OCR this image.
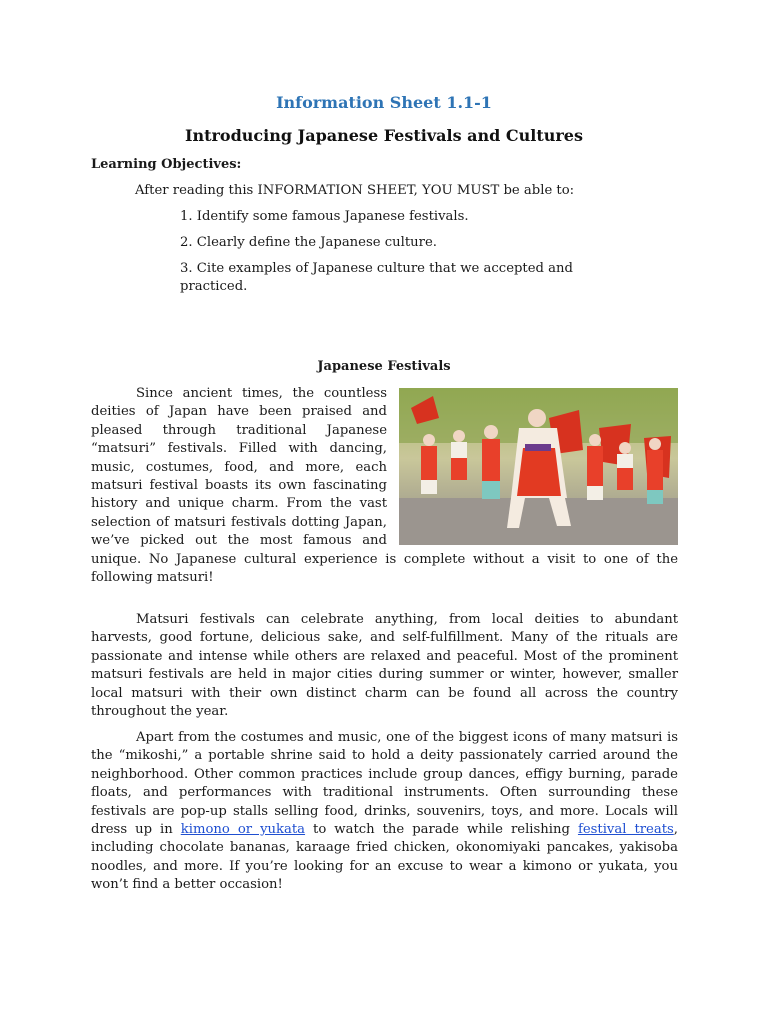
Information Sheet 1.1-1
Introducing Japanese Festivals and Cultures
Learning Objectives:
After reading this INFORMATION SHEET, YOU MUST be able to:
1. Identify some famous Japanese festivals.
2. Clearly define the Japanese culture.
3. Cite examples of Japanese culture that we accepted and practiced.
Japanese Festivals
Since ancient times, the countless deities of Japan have been praised and pleased through traditional Japanese “matsuri” festivals. Filled with dancing, music, costumes, food, and more, each matsuri festival boasts its own fascinating history and unique charm. From the vast selection of matsuri festivals dotting Japan, we’ve picked out the most famous and unique. No Japanese cultural experience is complete without a visit to one of the following matsuri!

Matsuri festivals can celebrate anything, from local deities to abundant harvests, good fortune, delicious sake, and self-fulfillment. Many of the rituals are passionate and intense while others are relaxed and peaceful. Most of the prominent matsuri festivals are held in major cities during summer or winter, however, smaller local matsuri with their own distinct charm can be found all across the country throughout the year.

Apart from the costumes and music, one of the biggest icons of many matsuri is the “mikoshi,” a portable shrine said to hold a deity passionately carried around the neighborhood. Other common practices include group dances, effigy burning, parade floats, and performances with traditional instruments. Often surrounding these festivals are pop-up stalls selling food, drinks, souvenirs, toys, and more. Locals will dress up in kimono or yukata to watch the parade while relishing festival treats, including chocolate bananas, karaage fried chicken, okonomiyaki pancakes, yakisoba noodles, and more. If you’re looking for an excuse to wear a kimono or yukata, you won’t find a better occasion!
